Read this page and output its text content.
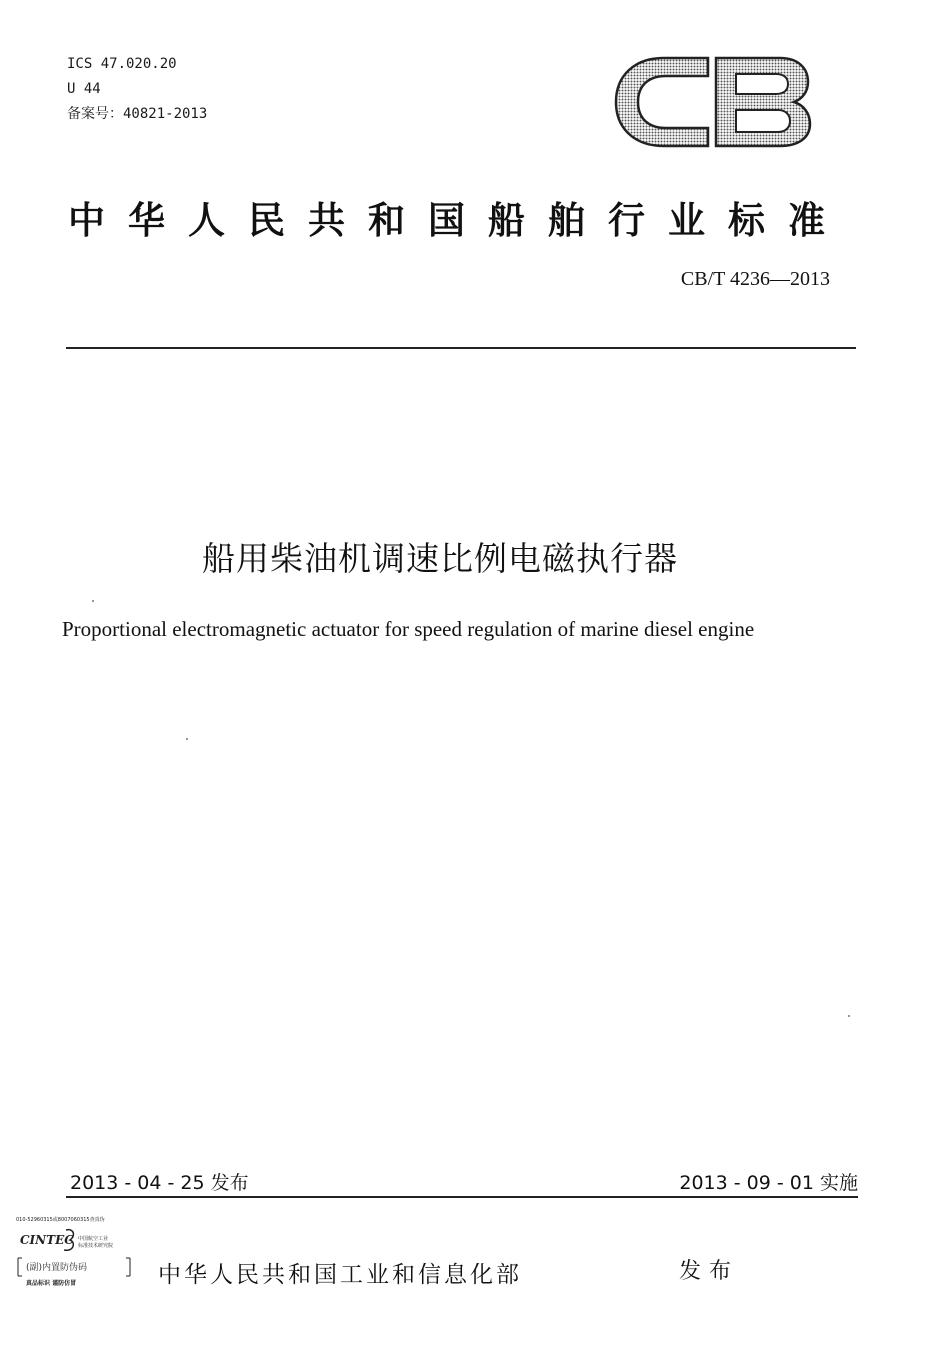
ICS 47.020.20
U 44
备案号：40821-2013
CB
中华人民共和国船舶行业标准
CB/T 4236—2013
船用柴油机调速比例电磁执行器
Proportional electromagnetic actuator for speed regulation of marine diesel engine
2013 - 04 - 25 发布	2013 - 09 - 01 实施
010-52960315或8007060315查真伪
CINTEC 中国航空工业
标准技术研究院
(副)内置防伪码
真品标识 谨防仿冒	中华人民共和国工业和信息化部	发布
